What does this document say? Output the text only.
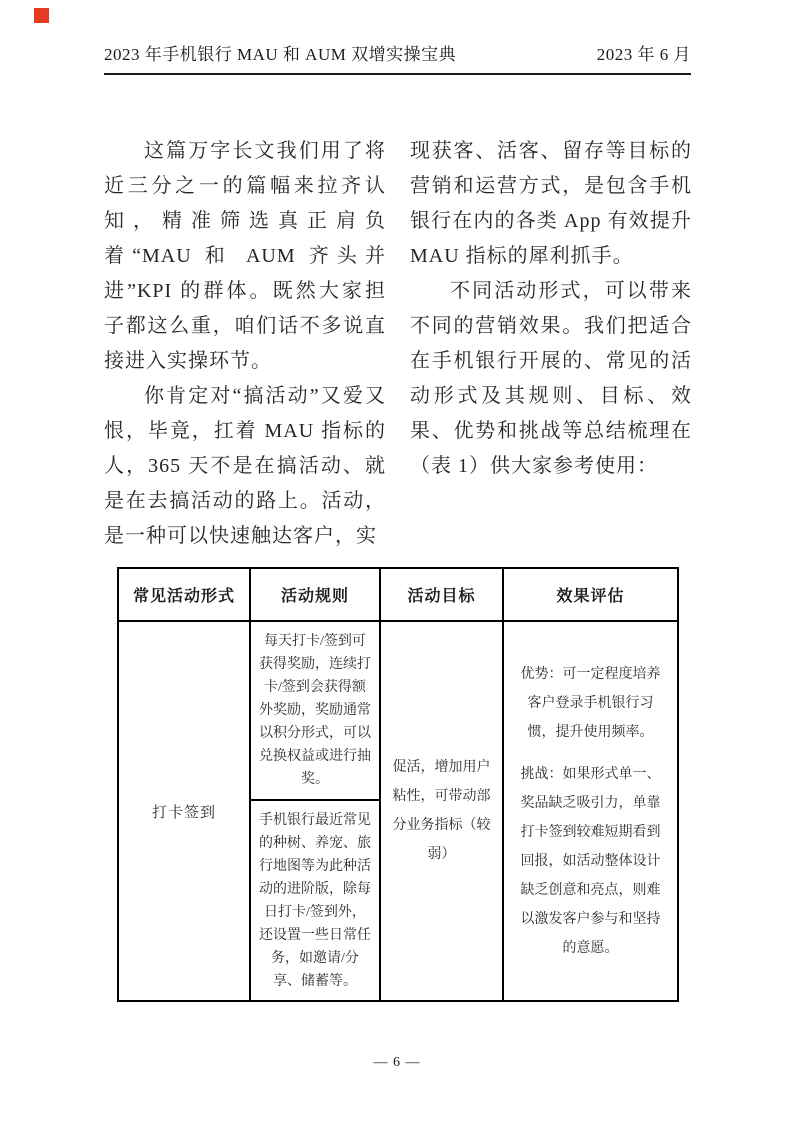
2023 年手机银行 MAU 和 AUM 双增实操宝典	2023 年 6 月

这篇万字长文我们用了将近三分之一的篇幅来拉齐认知，精准筛选真正肩负着“MAU 和 AUM 齐头并进”KPI 的群体。既然大家担子都这么重，咱们话不多说直接进入实操环节。

你肯定对“搞活动”又爱又恨，毕竟，扛着 MAU 指标的人，365 天不是在搞活动、就是在去搞活动的路上。活动，是一种可以快速触达客户，实

现获客、活客、留存等目标的营销和运营方式，是包含手机银行在内的各类 App 有效提升 MAU 指标的犀利抓手。

不同活动形式，可以带来不同的营销效果。我们把适合在手机银行开展的、常见的活动形式及其规则、目标、效果、优势和挑战等总结梳理在（表 1）供大家参考使用：

常见活动形式	活动规则	活动目标	效果评估
打卡签到	每天打卡/签到可获得奖励，连续打卡/签到会获得额外奖励，奖励通常以积分形式，可以兑换权益或进行抽奖。	促活，增加用户粘性，可带动部分业务指标（较弱）	优势：可一定程度培养客户登录手机银行习惯，提升使用频率。

挑战：如果形式单一、奖品缺乏吸引力，单靠打卡签到较难短期看到回报，如活动整体设计缺乏创意和亮点，则难以激发客户参与和坚持的意愿。

	手机银行最近常见的种树、养宠、旅行地图等为此种活动的进阶版，除每日打卡/签到外，还设置一些日常任务，如邀请/分享、储蓄等。		
— 6 —
